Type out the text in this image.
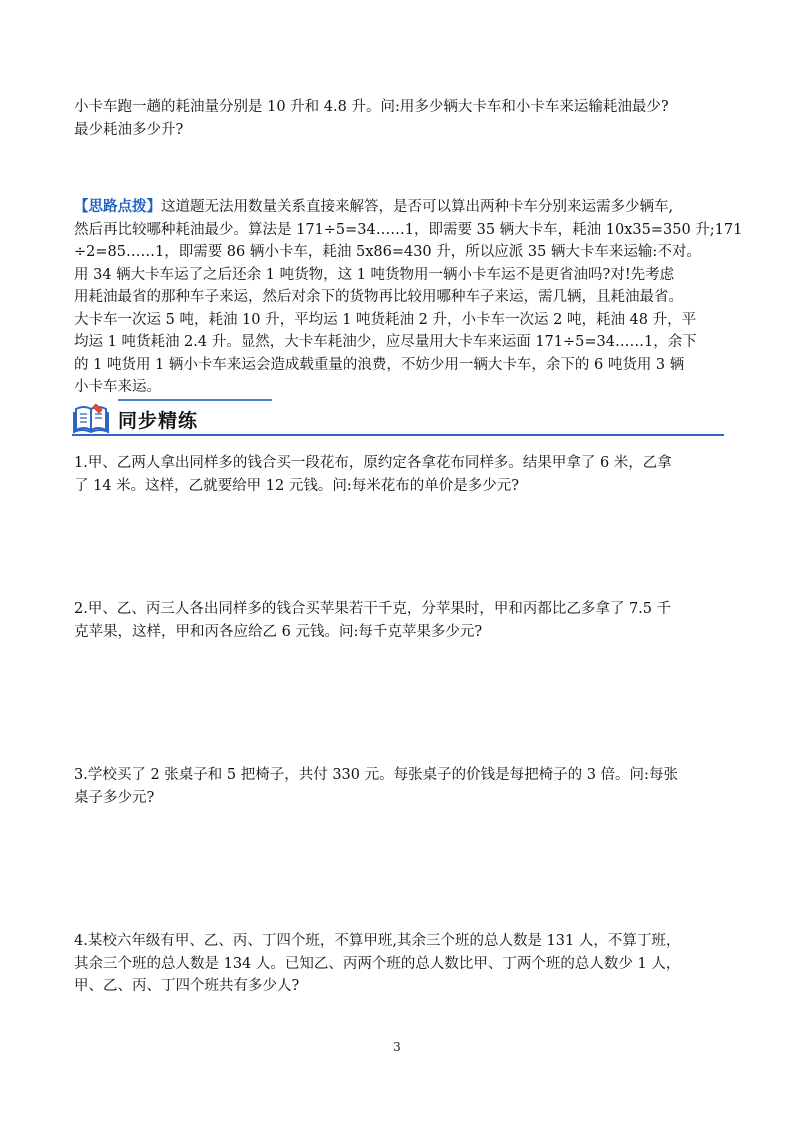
小卡车跑一趟的耗油量分别是 10 升和 4.8 升。问:用多少辆大卡车和小卡车来运输耗油最少?
最少耗油多少升?

【思路点拨】这道题无法用数量关系直接来解答，是否可以算出两种卡车分别来运需多少辆车,
然后再比较哪种耗油最少。算法是 171÷5=34……1，即需要 35 辆大卡车，耗油 10x35=350 升;171
÷2=85……1，即需要 86 辆小卡车，耗油 5x86=430 升，所以应派 35 辆大卡车来运输:不对。
用 34 辆大卡车运了之后还余 1 吨货物，这 1 吨货物用一辆小卡车运不是更省油吗?对!先考虑
用耗油最省的那种车子来运，然后对余下的货物再比较用哪种车子来运，需几辆，且耗油最省。
大卡车一次运 5 吨，耗油 10 升，平均运 1 吨货耗油 2 升，小卡车一次运 2 吨，耗油 48 升，平
均运 1 吨货耗油 2.4 升。显然，大卡车耗油少，应尽量用大卡车来运面 171÷5=34……1，余下
的 1 吨货用 1 辆小卡车来运会造成载重量的浪费，不妨少用一辆大卡车，余下的 6 吨货用 3 辆
小卡车来运。

同步精练

1.甲、乙两人拿出同样多的钱合买一段花布，原约定各拿花布同样多。结果甲拿了 6 米，乙拿
了 14 米。这样，乙就要给甲 12 元钱。问:每米花布的单价是多少元?

2.甲、乙、丙三人各出同样多的钱合买苹果若干千克，分苹果时，甲和丙都比乙多拿了 7.5 千
克苹果，这样，甲和丙各应给乙 6 元钱。问:每千克苹果多少元?

3.学校买了 2 张桌子和 5 把椅子，共付 330 元。每张桌子的价钱是每把椅子的 3 倍。问:每张
桌子多少元?

4.某校六年级有甲、乙、丙、丁四个班，不算甲班,其余三个班的总人数是 131 人，不算丁班，
其余三个班的总人数是 134 人。已知乙、丙两个班的总人数比甲、丁两个班的总人数少 1 人，
甲、乙、丙、丁四个班共有多少人?

3
